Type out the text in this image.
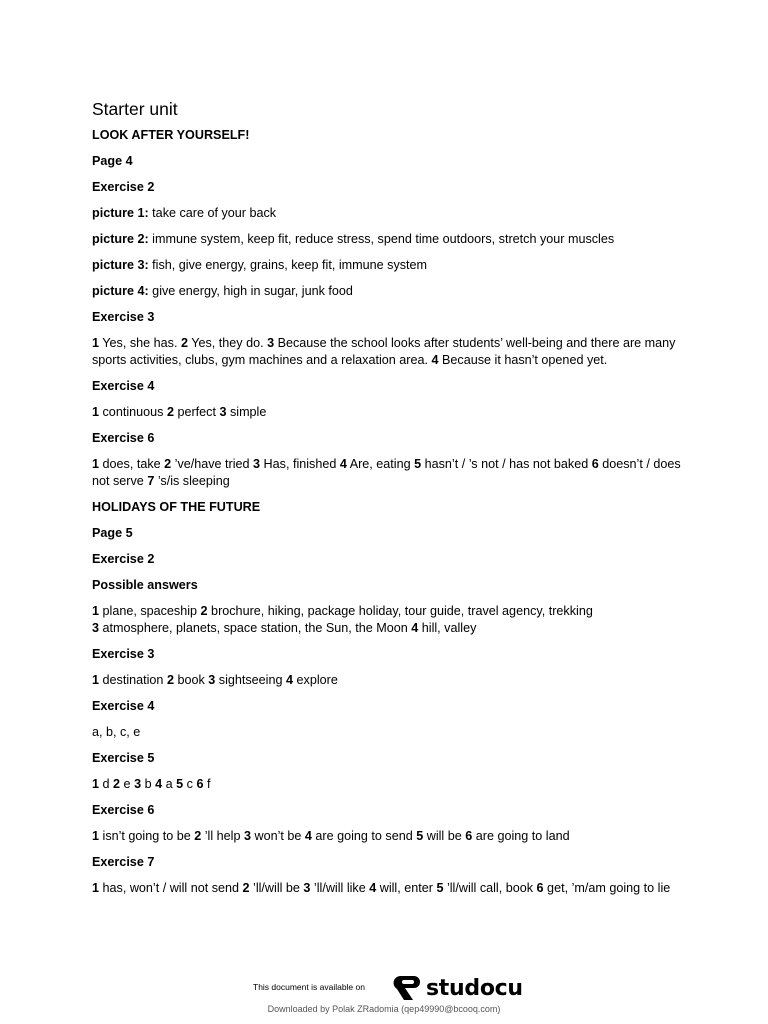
Starter unit
LOOK AFTER YOURSELF!
Page 4
Exercise 2
picture 1: take care of your back
picture 2: immune system, keep fit, reduce stress, spend time outdoors, stretch your muscles
picture 3: fish, give energy, grains, keep fit, immune system
picture 4: give energy, high in sugar, junk food
Exercise 3
1 Yes, she has. 2 Yes, they do. 3 Because the school looks after students’ well-being and there are many sports activities, clubs, gym machines and a relaxation area. 4 Because it hasn’t opened yet.
Exercise 4
1 continuous 2 perfect 3 simple
Exercise 6
1 does, take 2 ’ve/have tried 3 Has, finished 4 Are, eating 5 hasn’t / ’s not / has not baked 6 doesn’t / does not serve 7 ’s/is sleeping
HOLIDAYS OF THE FUTURE
Page 5
Exercise 2
Possible answers
1 plane, spaceship 2 brochure, hiking, package holiday, tour guide, travel agency, trekking
3 atmosphere, planets, space station, the Sun, the Moon 4 hill, valley
Exercise 3
1 destination 2 book 3 sightseeing 4 explore
Exercise 4
a, b, c, e
Exercise 5
1 d 2 e 3 b 4 a 5 c 6 f
Exercise 6
1 isn’t going to be 2 ’ll help 3 won’t be 4 are going to send 5 will be 6 are going to land
Exercise 7
1 has, won’t / will not send 2 ’ll/will be 3 ’ll/will like 4 will, enter 5 ’ll/will call, book 6 get, ’m/am going to lie
This document is available on	studocu
Downloaded by Polak ZRadomia (qep49990@bcooq.com)
